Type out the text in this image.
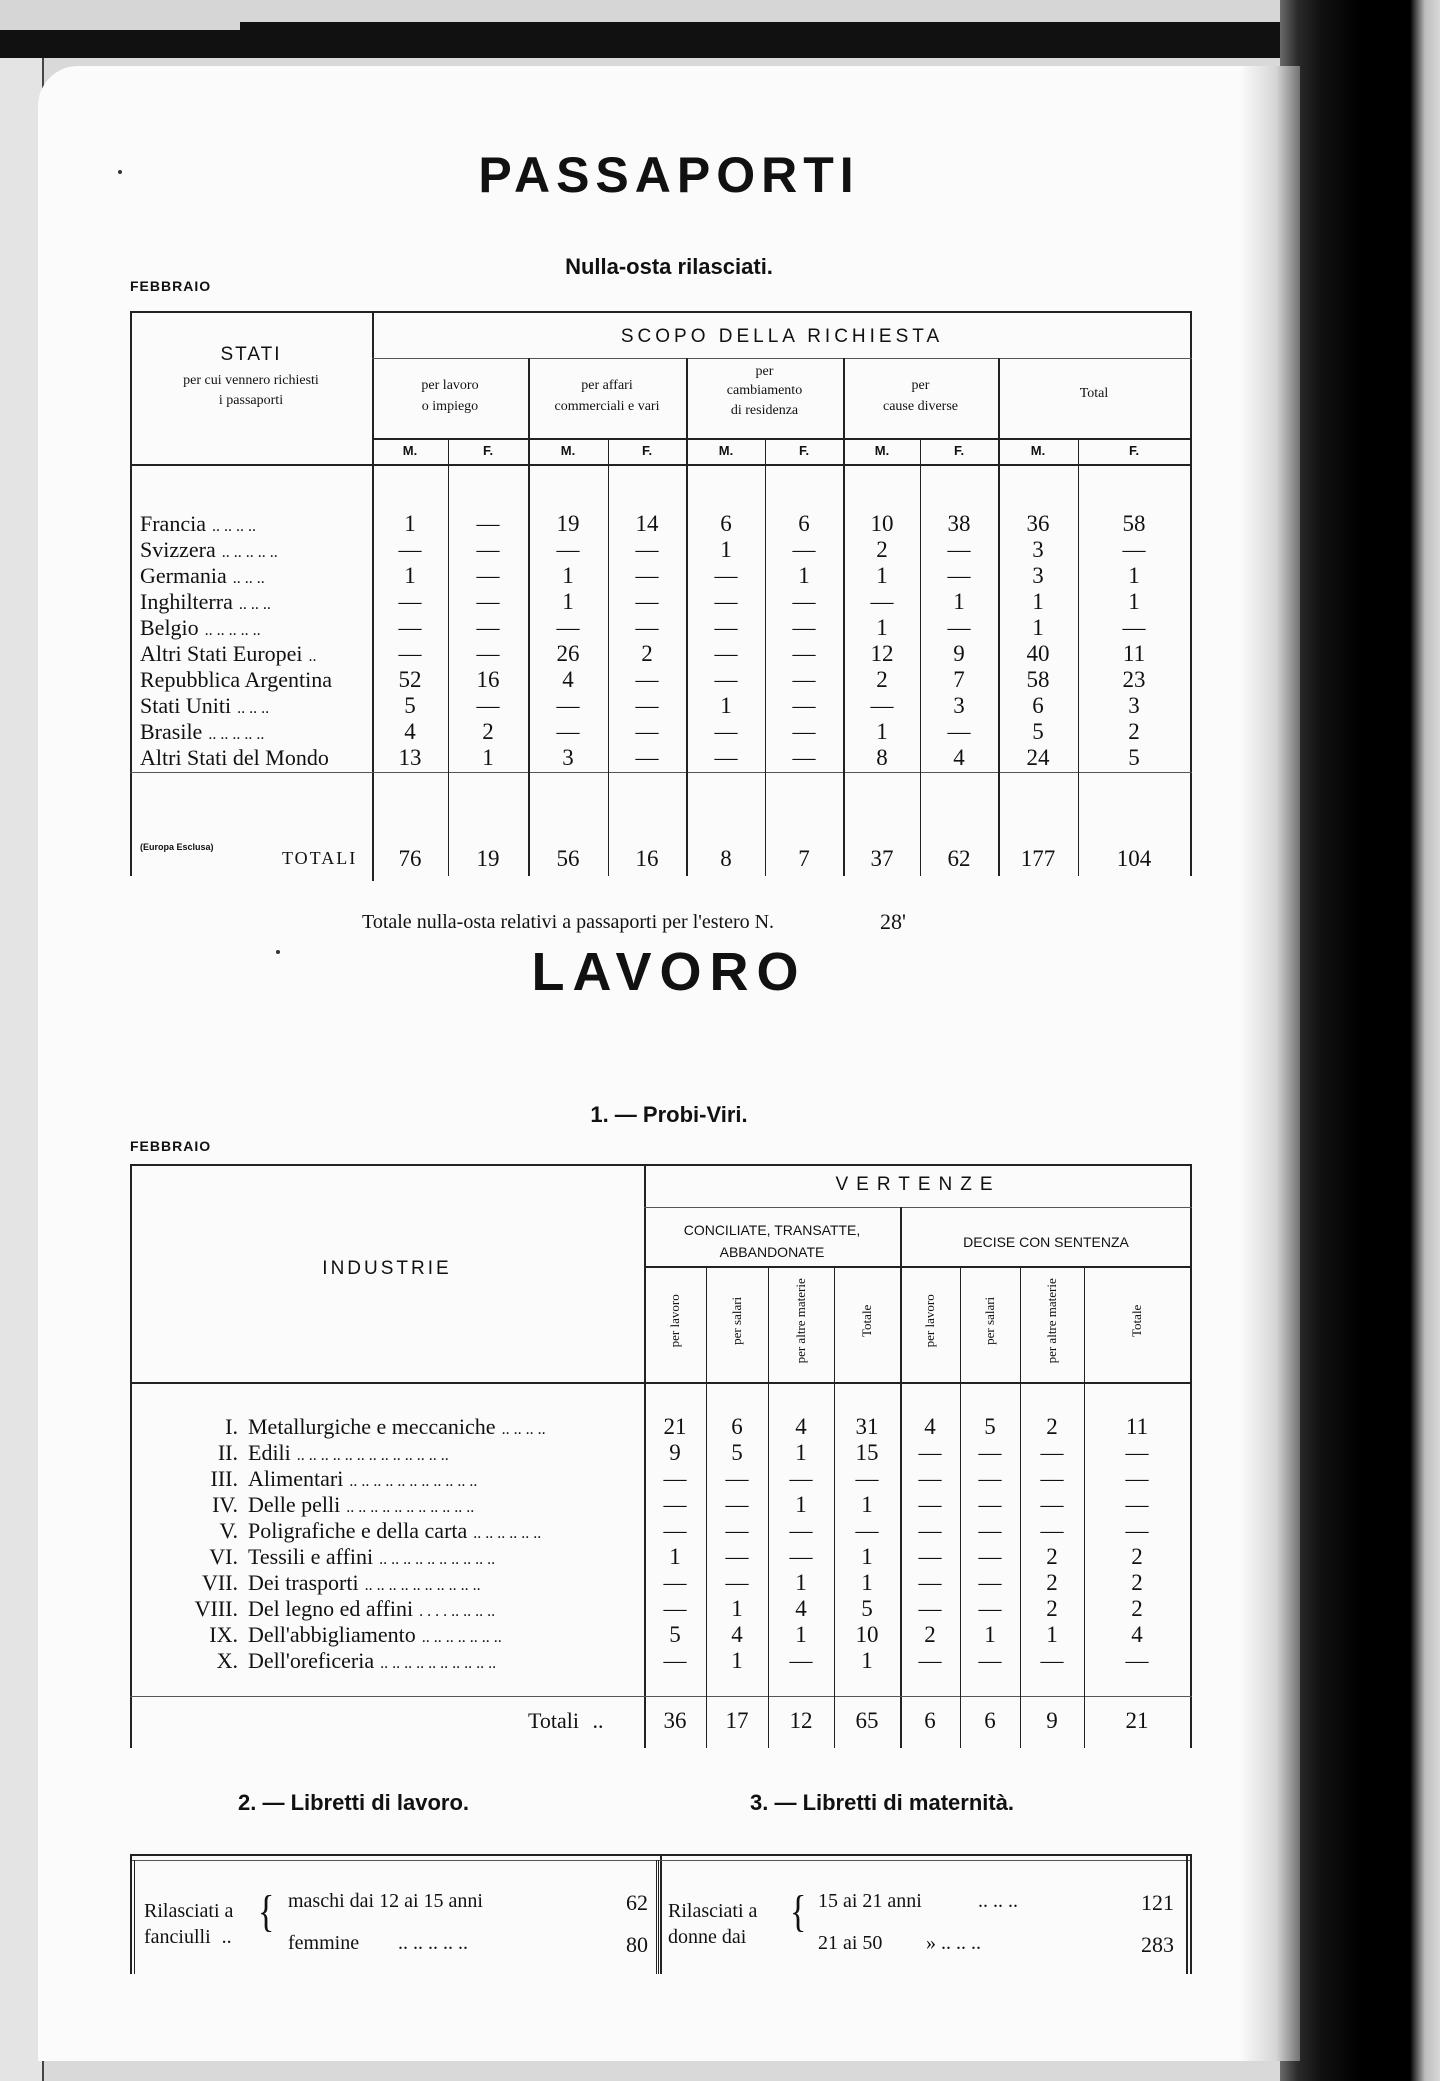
PASSAPORTI
Nulla-osta rilasciati.
FEBBRAIO
STATI
per cui vennero richiesti
i passaporti
SCOPO DELLA RICHIESTA
per lavoro
o impiego
per affari
commerciali e vari
per
cambiamento
di residenza
per
cause diverse
Total
M.	F.	M.	F.	M.	F.	M.	F.	M.	F.
Francia .. .. .. ..	1	—	19	14	6	6	10	38	36	58
Svizzera .. .. .. .. ..	—	—	—	—	1	—	2	—	3	—
Germania .. .. ..	1	—	1	—	—	1	1	—	3	1
Inghilterra .. .. ..	—	—	1	—	—	—	—	1	1	1
Belgio .. .. .. .. ..	—	—	—	—	—	—	1	—	1	—
Altri Stati Europei ..	—	—	26	2	—	—	12	9	40	11
Repubblica Argentina	52	16	4	—	—	—	2	7	58	23
Stati Uniti .. .. ..	5	—	—	—	1	—	—	3	6	3
Brasile .. .. .. .. ..	4	2	—	—	—	—	1	—	5	2
Altri Stati del Mondo	13	1	3	—	—	—	8	4	24	5
(Europa Esclusa)
TOTALI	76	19	56	16	8	7	37	62	177	104
Totale nulla-osta relativi a passaporti per l'estero N.	28'
LAVORO
1. — Probi-Viri.
FEBBRAIO
INDUSTRIE
VERTENZE
CONCILIATE, TRANSATTE,
ABBANDONATE
DECISE CON SENTENZA
per lavoro	per salari	per altre materie	Totale	per lavoro	per salari	per altre materie	Totale
I. Metallurgiche e meccaniche .. .. .. ..	21	6	4	31	4	5	2	11
II. Edili .. .. .. .. .. .. .. .. .. .. .. .. ..	9	5	1	15	—	—	—	—
III. Alimentari .. .. .. .. .. .. .. .. .. .. ..	—	—	—	—	—	—	—	—
IV. Delle pelli .. .. .. .. .. .. .. .. .. .. ..	—	—	1	1	—	—	—	—
V. Poligrafiche e della carta .. .. .. .. .. ..	—	—	—	—	—	—	—	—
VI. Tessili e affini .. .. .. .. .. .. .. .. .. ..	1	—	—	1	—	—	2	2
VII. Dei trasporti .. .. .. .. .. .. .. .. .. ..	—	—	1	1	—	—	2	2
VIII. Del legno ed affini . . . . .. .. .. ..	—	1	4	5	—	—	2	2
IX. Dell'abbigliamento .. .. .. .. .. .. ..	5	4	1	10	2	1	1	4
X. Dell'oreficeria .. .. .. .. .. .. .. .. .. ..	—	1	—	1	—	—	—	—
Totali ..	36	17	12	65	6	6	9	21
2. — Libretti di lavoro.	3. — Libretti di maternità.
Rilasciati a
fanciulli ..
{ maschi dai 12 ai 15 anni	62
femmine .. .. .. .. ..	80
Rilasciati a
donne dai
{ 15 ai 21 anni	.. .. ..	121
21 ai 50 » .. .. ..	283
